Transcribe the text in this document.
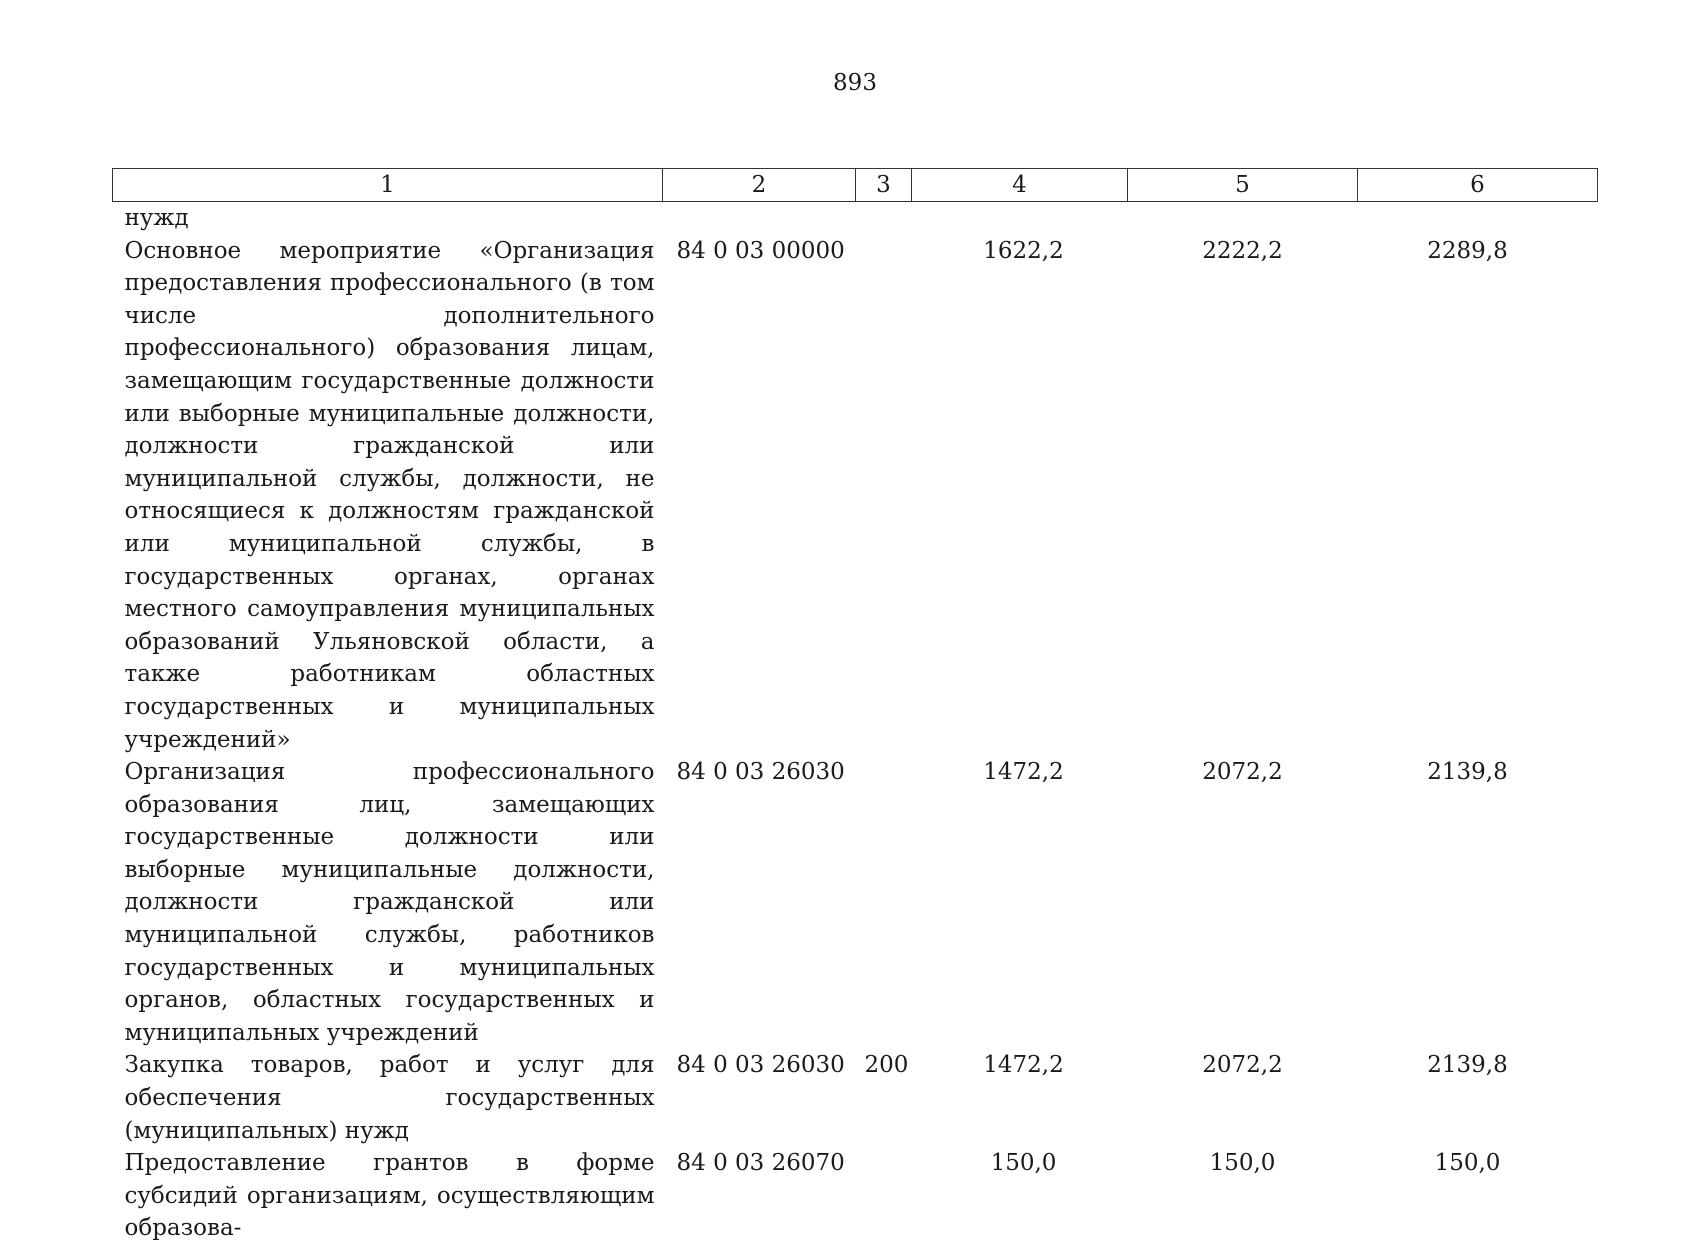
893
1	2	3	4	5	6
нужд					
Основное мероприятие «Организация предоставления профессионального (в том числе дополнительного профессионального) образования лицам, замещающим государственные должности или выборные муниципальные должности, должности гражданской или муниципальной службы, должности, не относящиеся к должностям гражданской или муниципальной службы, в государственных органах, органах местного самоуправления муниципальных образований Ульяновской области, а также работникам областных государственных и муниципальных учреждений»	84 0 03 00000		1622,2	2222,2	2289,8
Организация профессионального образования лиц, замещающих государственные должности или выборные муниципальные должности, должности гражданской или муниципальной службы, работников государственных и муниципальных органов, областных государственных и муниципальных учреждений	84 0 03 26030		1472,2	2072,2	2139,8
Закупка товаров, работ и услуг для обеспечения государственных (муниципальных) нужд	84 0 03 26030	200	1472,2	2072,2	2139,8
Предоставление грантов в форме субсидий организациям, осуществляющим образова-	84 0 03 26070		150,0	150,0	150,0
